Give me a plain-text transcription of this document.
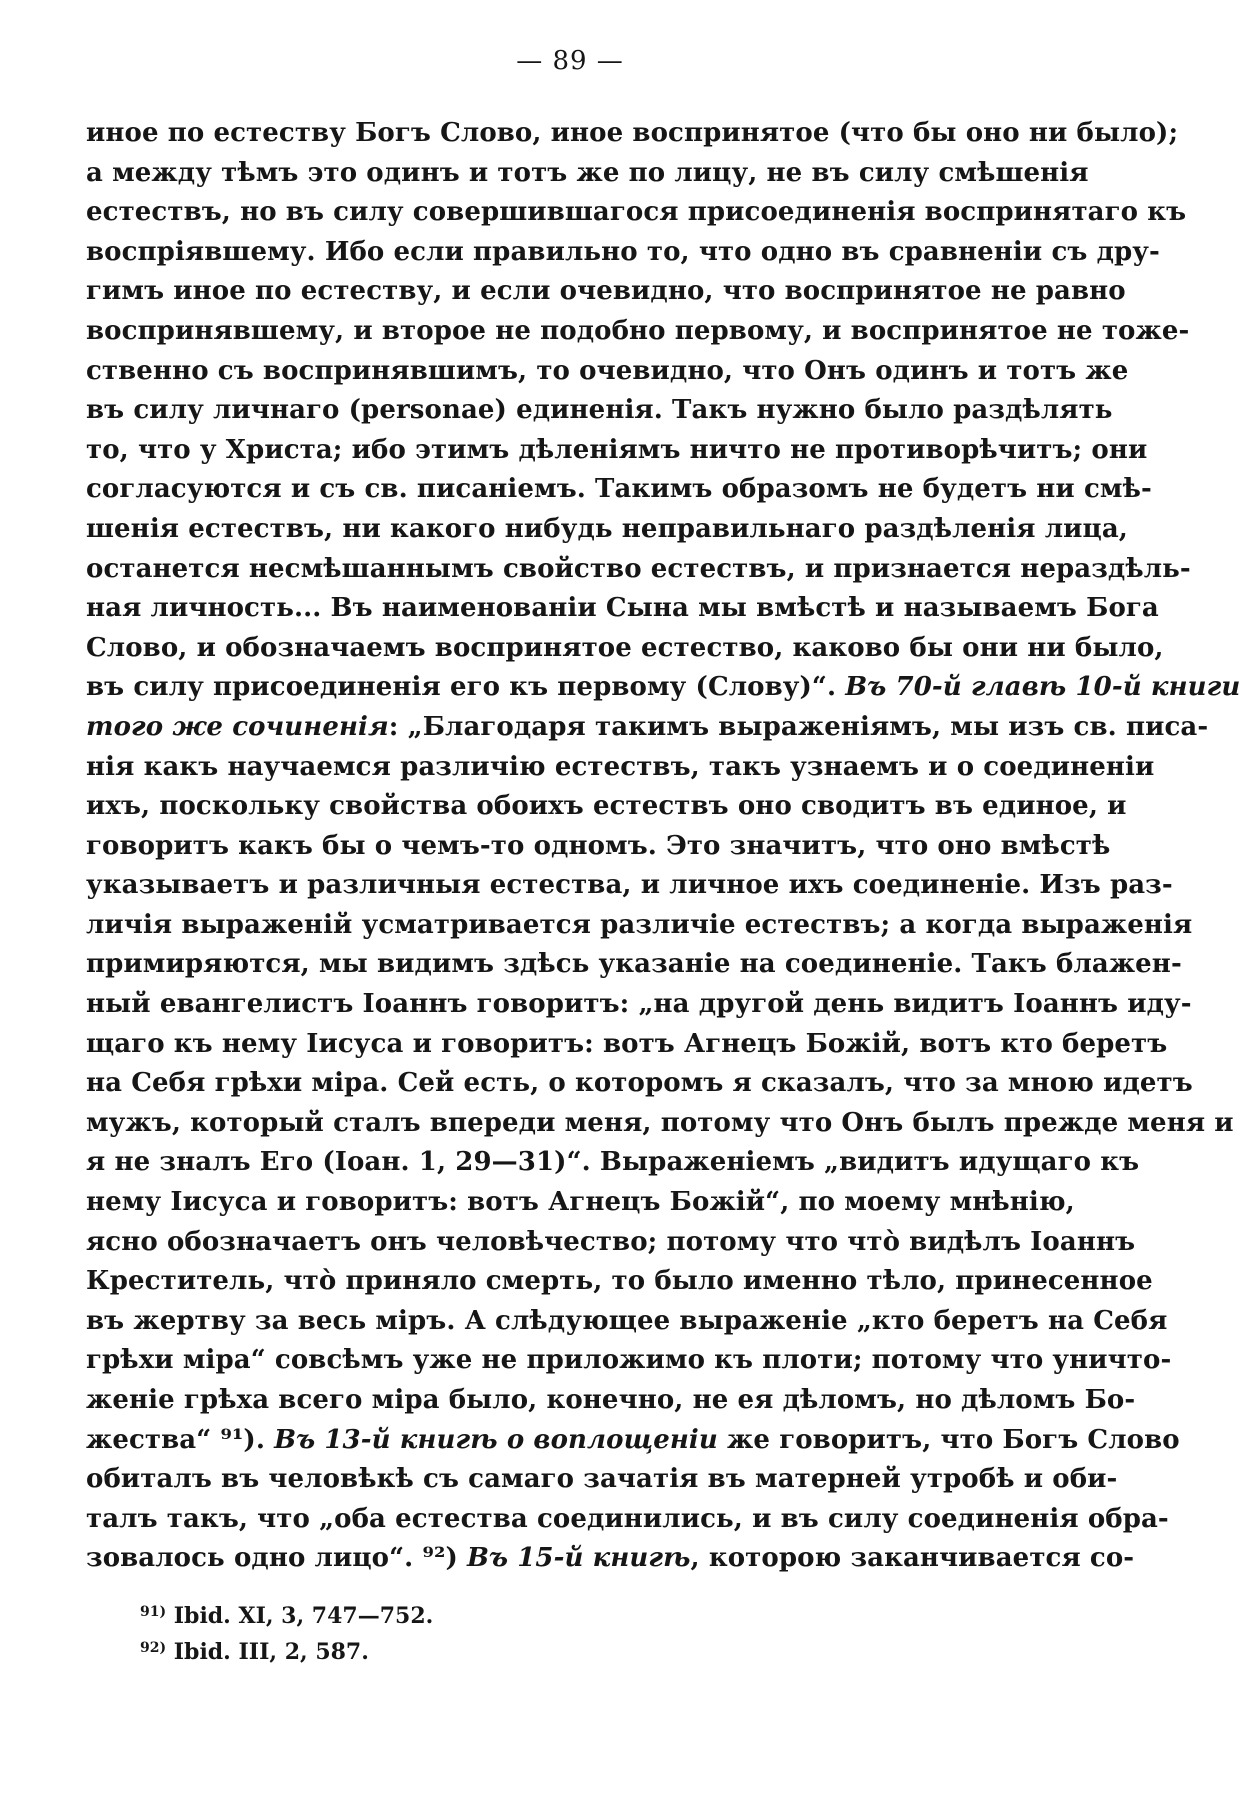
— 89 —
иное по естеству Богъ Слово, иное воспринятое (что бы оно ни было);
а между тѣмъ это одинъ и тотъ же по лицу, не въ силу смѣшенія
естествъ, но въ силу совершившагося присоединенія воспринятаго къ
воспріявшему. Ибо если правильно то, что одно въ сравненіи съ дру-
гимъ иное по естеству, и если очевидно, что воспринятое не равно
воспринявшему, и второе не подобно первому, и воспринятое не тоже-
ственно съ воспринявшимъ, то очевидно, что Онъ одинъ и тотъ же
въ силу личнаго (personae) единенія. Такъ нужно было раздѣлять
то, что у Христа; ибо этимъ дѣленіямъ ничто не противорѣчитъ; они
согласуются и съ св. писаніемъ. Такимъ образомъ не будетъ ни смѣ-
шенія естествъ, ни какого нибудь неправильнаго раздѣленія лица,
останется несмѣшаннымъ свойство естествъ, и признается нераздѣль-
ная личность... Въ наименованіи Сына мы вмѣстѣ и называемъ Бога
Слово, и обозначаемъ воспринятое естество, каково бы они ни было,
въ силу присоединенія его къ первому (Слову)“. Въ 70-й главѣ 10-й книги
того же сочиненія: „Благодаря такимъ выраженіямъ, мы изъ св. писа-
нія какъ научаемся различію естествъ, такъ узнаемъ и о соединеніи
ихъ, поскольку свойства обоихъ естествъ оно сводитъ въ единое, и
говоритъ какъ бы о чемъ-то одномъ. Это значитъ, что оно вмѣстѣ
указываетъ и различныя естества, и личное ихъ соединеніе. Изъ раз-
личія выраженій усматривается различіе естествъ; а когда выраженія
примиряются, мы видимъ здѣсь указаніе на соединеніе. Такъ блажен-
ный евангелистъ Іоаннъ говоритъ: „на другой день видитъ Іоаннъ иду-
щаго къ нему Іисуса и говоритъ: вотъ Агнецъ Божій, вотъ кто беретъ
на Себя грѣхи міра. Сей есть, о которомъ я сказалъ, что за мною идетъ
мужъ, который сталъ впереди меня, потому что Онъ былъ прежде меня и
я не зналъ Его (Іоан. 1, 29—31)“. Выраженіемъ „видитъ идущаго къ
нему Іисуса и говоритъ: вотъ Агнецъ Божій“, по моему мнѣнію,
ясно обозначаетъ онъ человѣчество; потому что что̀ видѣлъ Іоаннъ
Креститель, что̀ приняло смерть, то было именно тѣло, принесенное
въ жертву за весь міръ. А слѣдующее выраженіе „кто беретъ на Себя
грѣхи міра“ совсѣмъ уже не приложимо къ плоти; потому что уничто-
женіе грѣха всего міра было, конечно, не ея дѣломъ, но дѣломъ Бо-
жества“ ⁹¹). Въ 13-й книгѣ о воплощеніи же говоритъ, что Богъ Слово
обиталъ въ человѣкѣ съ самаго зачатія въ матерней утробѣ и оби-
талъ такъ, что „оба естества соединились, и въ силу соединенія обра-
зовалось одно лицо“. ⁹²) Въ 15-й книгѣ, которою заканчивается со-
$^{91)}$ Ibid. XI, 3, 747—752.
$^{92)}$ Ibid. III, 2, 587.
